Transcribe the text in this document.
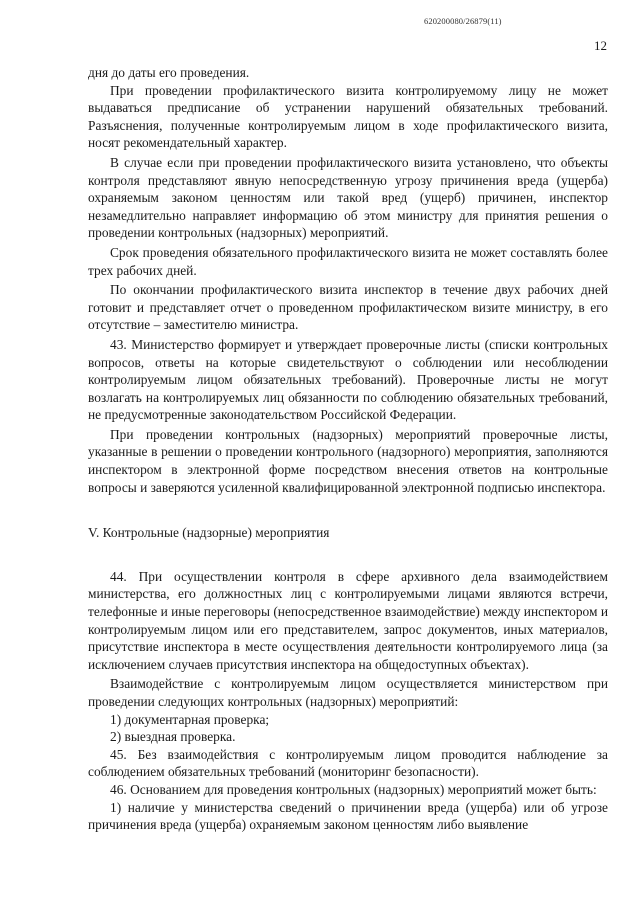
620200080/26879(11)
12

дня до даты его проведения.

При проведении профилактического визита контролируемому лицу не может выдаваться предписание об устранении нарушений обязательных требований. Разъяснения, полученные контролируемым лицом в ходе профилактического визита, носят рекомендательный характер.

В случае если при проведении профилактического визита установлено, что объекты контроля представляют явную непосредственную угрозу причинения вреда (ущерба) охраняемым законом ценностям или такой вред (ущерб) причинен, инспектор незамедлительно направляет информацию об этом министру для принятия решения о проведении контрольных (надзорных) мероприятий.

Срок проведения обязательного профилактического визита не может составлять более трех рабочих дней.

По окончании профилактического визита инспектор в течение двух рабочих дней готовит и представляет отчет о проведенном профилактическом визите министру, в его отсутствие – заместителю министра.

43. Министерство формирует и утверждает проверочные листы (списки контрольных вопросов, ответы на которые свидетельствуют о соблюдении или несоблюдении контролируемым лицом обязательных требований). Проверочные листы не могут возлагать на контролируемых лиц обязанности по соблюдению обязательных требований, не предусмотренные законодательством Российской Федерации.

При проведении контрольных (надзорных) мероприятий проверочные листы, указанные в решении о проведении контрольного (надзорного) мероприятия, заполняются инспектором в электронной форме посредством внесения ответов на контрольные вопросы и заверяются усиленной квалифицированной электронной подписью инспектора.

V. Контрольные (надзорные) мероприятия

44. При осуществлении контроля в сфере архивного дела взаимодействием министерства, его должностных лиц с контролируемыми лицами являются встречи, телефонные и иные переговоры (непосредственное взаимодействие) между инспектором и контролируемым лицом или его представителем, запрос документов, иных материалов, присутствие инспектора в месте осуществления деятельности контролируемого лица (за исключением случаев присутствия инспектора на общедоступных объектах).

Взаимодействие с контролируемым лицом осуществляется министерством при проведении следующих контрольных (надзорных) мероприятий:

1) документарная проверка;

2) выездная проверка.

45. Без взаимодействия с контролируемым лицом проводится наблюдение за соблюдением обязательных требований (мониторинг безопасности).

46. Основанием для проведения контрольных (надзорных) мероприятий может быть:

1) наличие у министерства сведений о причинении вреда (ущерба) или об угрозе причинения вреда (ущерба) охраняемым законом ценностям либо выявление
